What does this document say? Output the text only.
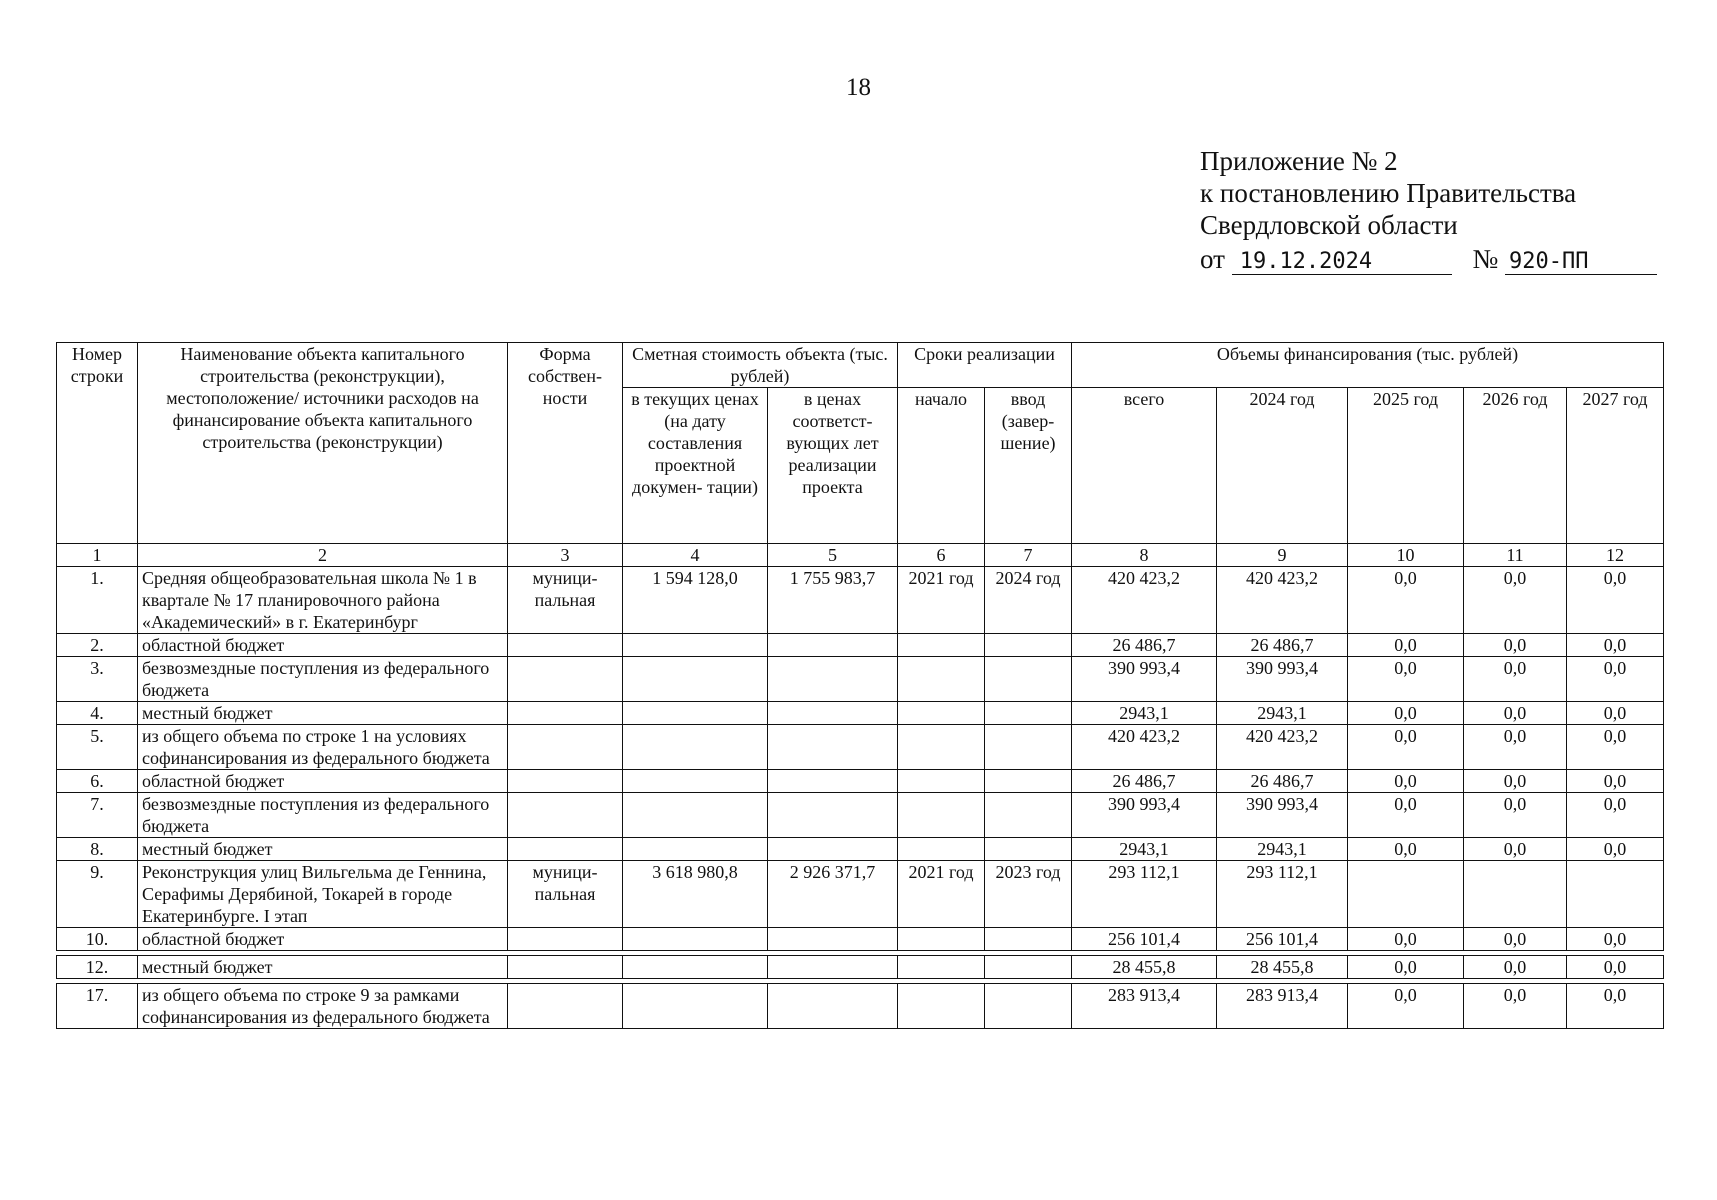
18
Приложение № 2
к постановлению Правительства
Свердловской области
от 19.12.2024	№ 920-ПП
Номер строки	Наименование объекта капитального строительства (реконструкции), местоположение/ источники расходов на финансирование объекта капитального строительства (реконструкции)	Форма собствен- ности	Сметная стоимость объекта (тыс. рублей)		Сроки реализации		Объемы финансирования (тыс. рублей)				
			в текущих ценах (на дату составления проектной докумен- тации)	в ценах соответст- вующих лет реализации проекта	начало	ввод (завер- шение)	всего	2024 год	2025 год	2026 год	2027 год
1	2	3	4	5	6	7	8	9	10	11	12
1.	Средняя общеобразовательная школа № 1 в квартале № 17 планировочного района «Академический» в г. Екатеринбург	муници- пальная	1 594 128,0	1 755 983,7	2021 год	2024 год	420 423,2	420 423,2	0,0	0,0	0,0
2.	областной бюджет						26 486,7	26 486,7	0,0	0,0	0,0
3.	безвозмездные поступления из федерального бюджета						390 993,4	390 993,4	0,0	0,0	0,0
4.	местный бюджет						2943,1	2943,1	0,0	0,0	0,0
5.	из общего объема по строке 1 на условиях софинансирования из федерального бюджета						420 423,2	420 423,2	0,0	0,0	0,0
6.	областной бюджет						26 486,7	26 486,7	0,0	0,0	0,0
7.	безвозмездные поступления из федерального бюджета						390 993,4	390 993,4	0,0	0,0	0,0
8.	местный бюджет						2943,1	2943,1	0,0	0,0	0,0
9.	Реконструкция улиц Вильгельма де Геннина, Серафимы Дерябиной, Токарей в городе Екатеринбурге. I этап	муници- пальная	3 618 980,8	2 926 371,7	2021 год	2023 год	293 112,1	293 112,1			
10.	областной бюджет						256 101,4	256 101,4	0,0	0,0	0,0

12.	местный бюджет						28 455,8	28 455,8	0,0	0,0	0,0

17.	из общего объема по строке 9 за рамками софинансирования из федерального бюджета						283 913,4	283 913,4	0,0	0,0	0,0
